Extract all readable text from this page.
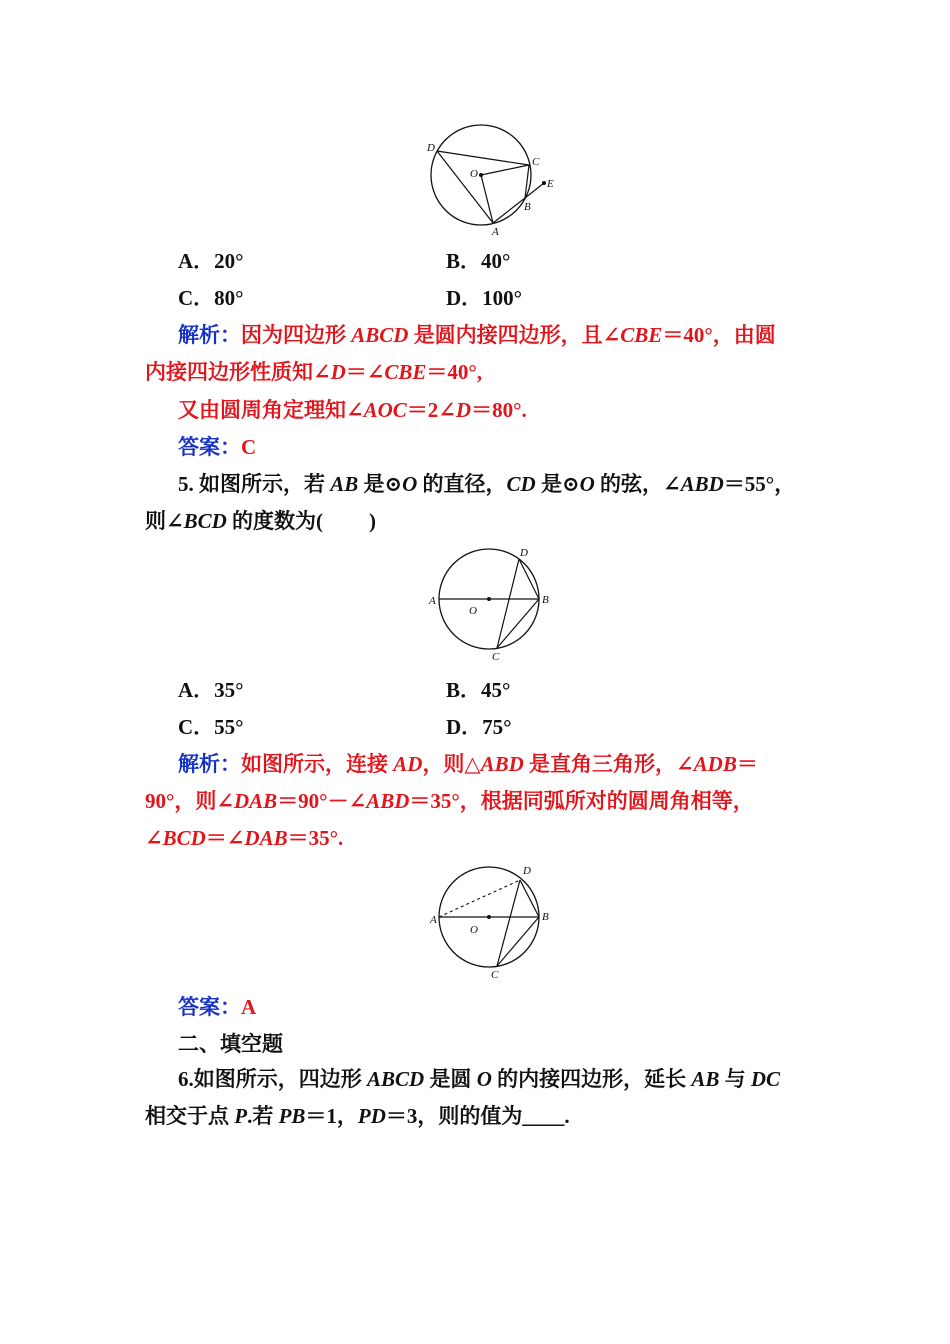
D
C
O
E
B
A
A．20°	B．40°
C．80°	D．100°
解析：因为四边形 ABCD 是圆内接四边形，且∠CBE＝40°，由圆
内接四边形性质知∠D＝∠CBE＝40°,
又由圆周角定理知∠AOC＝2∠D＝80°.
答案：C
5. 如图所示，若 AB 是⊙O 的直径，CD 是⊙O 的弦，∠ABD＝55°，
则∠BCD 的度数为( )
A
O
B
C
D
A．35°	B．45°
C．55°	D．75°
解析：如图所示，连接 AD，则△ABD 是直角三角形，∠ADB＝
90°，则∠DAB＝90°－∠ABD＝35°，根据同弧所对的圆周角相等，
∠BCD＝∠DAB＝35°.
A
O
B
C
D
答案：A
二、填空题
6.如图所示，四边形 ABCD 是圆 O 的内接四边形，延长 AB 与 DC
相交于点 P.若 PB＝1，PD＝3，则的值为____.
